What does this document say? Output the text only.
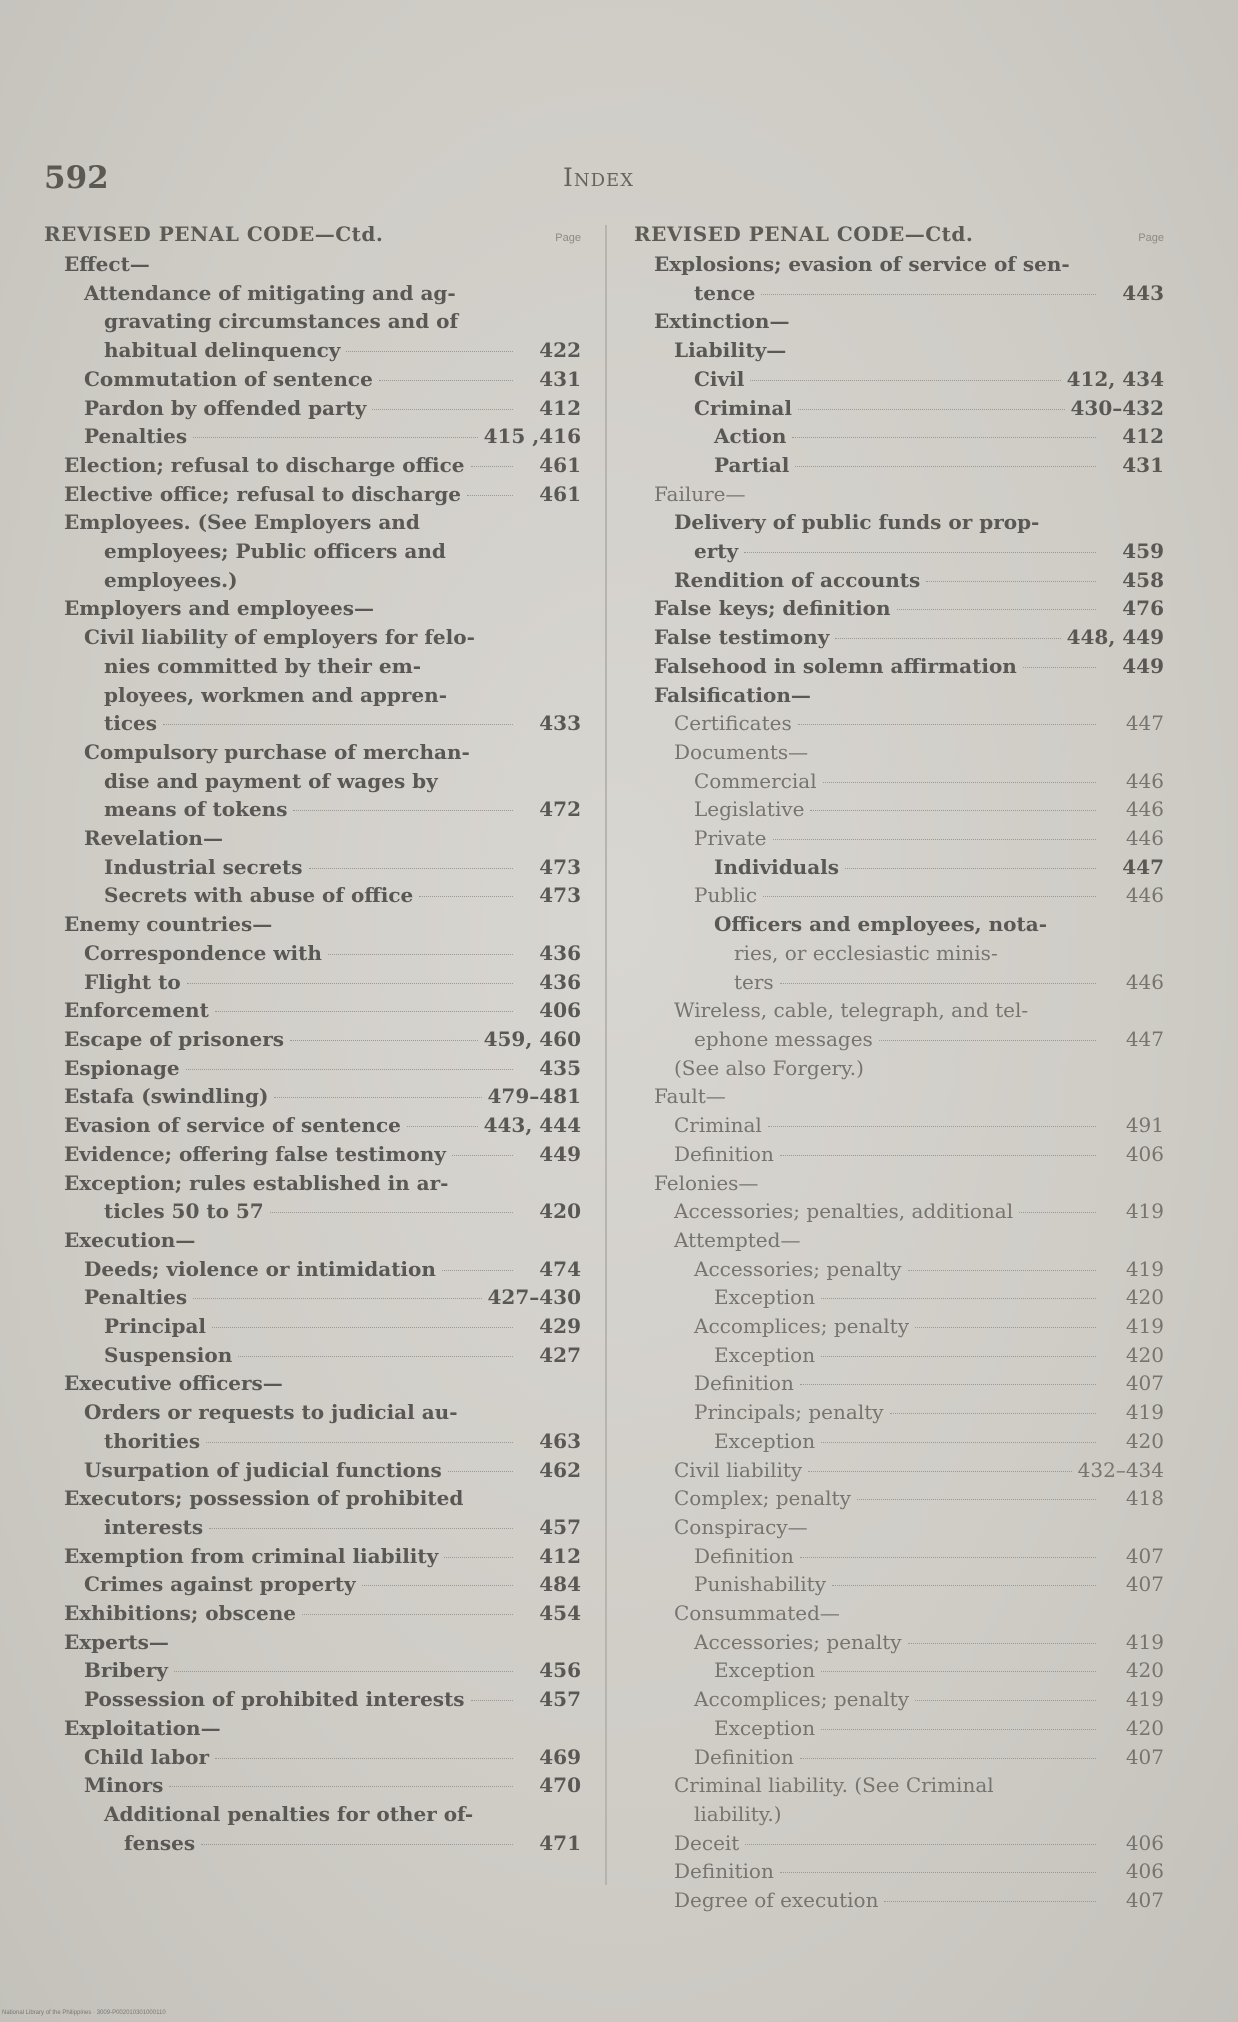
592	Index
REVISED PENAL CODE—Ctd.	Page
Effect—
Attendance of mitigating and ag-
gravating circumstances and of
habitual delinquency	422
Commutation of sentence	431
Pardon by offended party	412
Penalties	415 ,416
Election; refusal to discharge office	461
Elective office; refusal to discharge	461
Employees. (See Employers and
employees; Public officers and
employees.)
Employers and employees—
Civil liability of employers for felo-
nies committed by their em-
ployees, workmen and appren-
tices	433
Compulsory purchase of merchan-
dise and payment of wages by
means of tokens	472
Revelation—
Industrial secrets	473
Secrets with abuse of office	473
Enemy countries—
Correspondence with	436
Flight to	436
Enforcement	406
Escape of prisoners	459, 460
Espionage	435
Estafa (swindling)	479–481
Evasion of service of sentence	443, 444
Evidence; offering false testimony	449
Exception; rules established in ar-
ticles 50 to 57	420
Execution—
Deeds; violence or intimidation	474
Penalties	427–430
Principal	429
Suspension	427
Executive officers—
Orders or requests to judicial au-
thorities	463
Usurpation of judicial functions	462
Executors; possession of prohibited
interests	457
Exemption from criminal liability	412
Crimes against property	484
Exhibitions; obscene	454
Experts—
Bribery	456
Possession of prohibited interests	457
Exploitation—
Child labor	469
Minors	470
Additional penalties for other of-
fenses	471
REVISED PENAL CODE—Ctd.	Page
Explosions; evasion of service of sen-
tence	443
Extinction—
Liability—
Civil	412, 434
Criminal	430–432
Action	412
Partial	431
Failure—
Delivery of public funds or prop-
erty	459
Rendition of accounts	458
False keys; definition	476
False testimony	448, 449
Falsehood in solemn affirmation	449
Falsification—
Certificates	447
Documents—
Commercial	446
Legislative	446
Private	446
Individuals	447
Public	446
Officers and employees, nota-
ries, or ecclesiastic minis-
ters	446
Wireless, cable, telegraph, and tel-
ephone messages	447
(See also Forgery.)
Fault—
Criminal	491
Definition	406
Felonies—
Accessories; penalties, additional	419
Attempted—
Accessories; penalty	419
Exception	420
Accomplices; penalty	419
Exception	420
Definition	407
Principals; penalty	419
Exception	420
Civil liability	432–434
Complex; penalty	418
Conspiracy—
Definition	407
Punishability	407
Consummated—
Accessories; penalty	419
Exception	420
Accomplices; penalty	419
Exception	420
Definition	407
Criminal liability. (See Criminal
liability.)
Deceit	406
Definition	406
Degree of execution	407
National Library of the Philippines · 3009-P002010301000110
